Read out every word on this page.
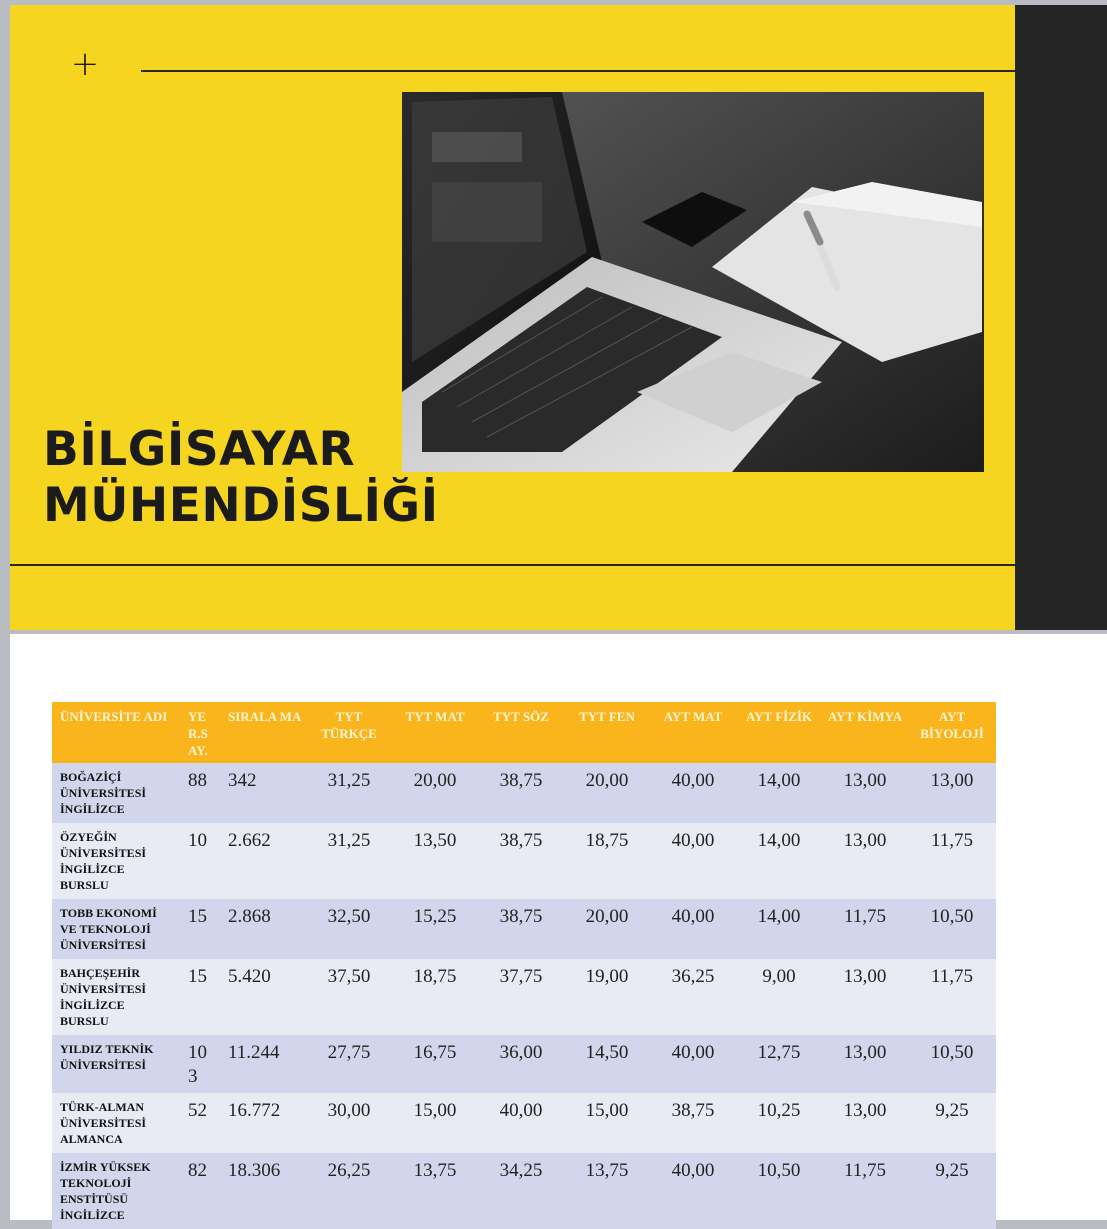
+
BİLGİSAYAR
MÜHENDİSLİĞİ
ÜNİVERSİTE ADI	YE R.S AY.	SIRALA MA	TYT TÜRKÇE	TYT MAT	TYT SÖZ	TYT FEN	AYT MAT	AYT FİZİK	AYT KİMYA	AYT BİYOLOJİ
BOĞAZİÇİ ÜNİVERSİTESİ İNGİLİZCE	88	342	31,25	20,00	38,75	20,00	40,00	14,00	13,00	13,00
ÖZYEĞİN ÜNİVERSİTESİ İNGİLİZCE BURSLU	10	2.662	31,25	13,50	38,75	18,75	40,00	14,00	13,00	11,75
TOBB EKONOMİ VE TEKNOLOJİ ÜNİVERSİTESİ	15	2.868	32,50	15,25	38,75	20,00	40,00	14,00	11,75	10,50
BAHÇEŞEHİR ÜNİVERSİTESİ İNGİLİZCE BURSLU	15	5.420	37,50	18,75	37,75	19,00	36,25	9,00	13,00	11,75
YILDIZ TEKNİK ÜNİVERSİTESİ	10 3	11.244	27,75	16,75	36,00	14,50	40,00	12,75	13,00	10,50
TÜRK-ALMAN ÜNİVERSİTESİ ALMANCA	52	16.772	30,00	15,00	40,00	15,00	38,75	10,25	13,00	9,25
İZMİR YÜKSEK TEKNOLOJİ ENSTİTÜSÜ İNGİLİZCE	82	18.306	26,25	13,75	34,25	13,75	40,00	10,50	11,75	9,25
